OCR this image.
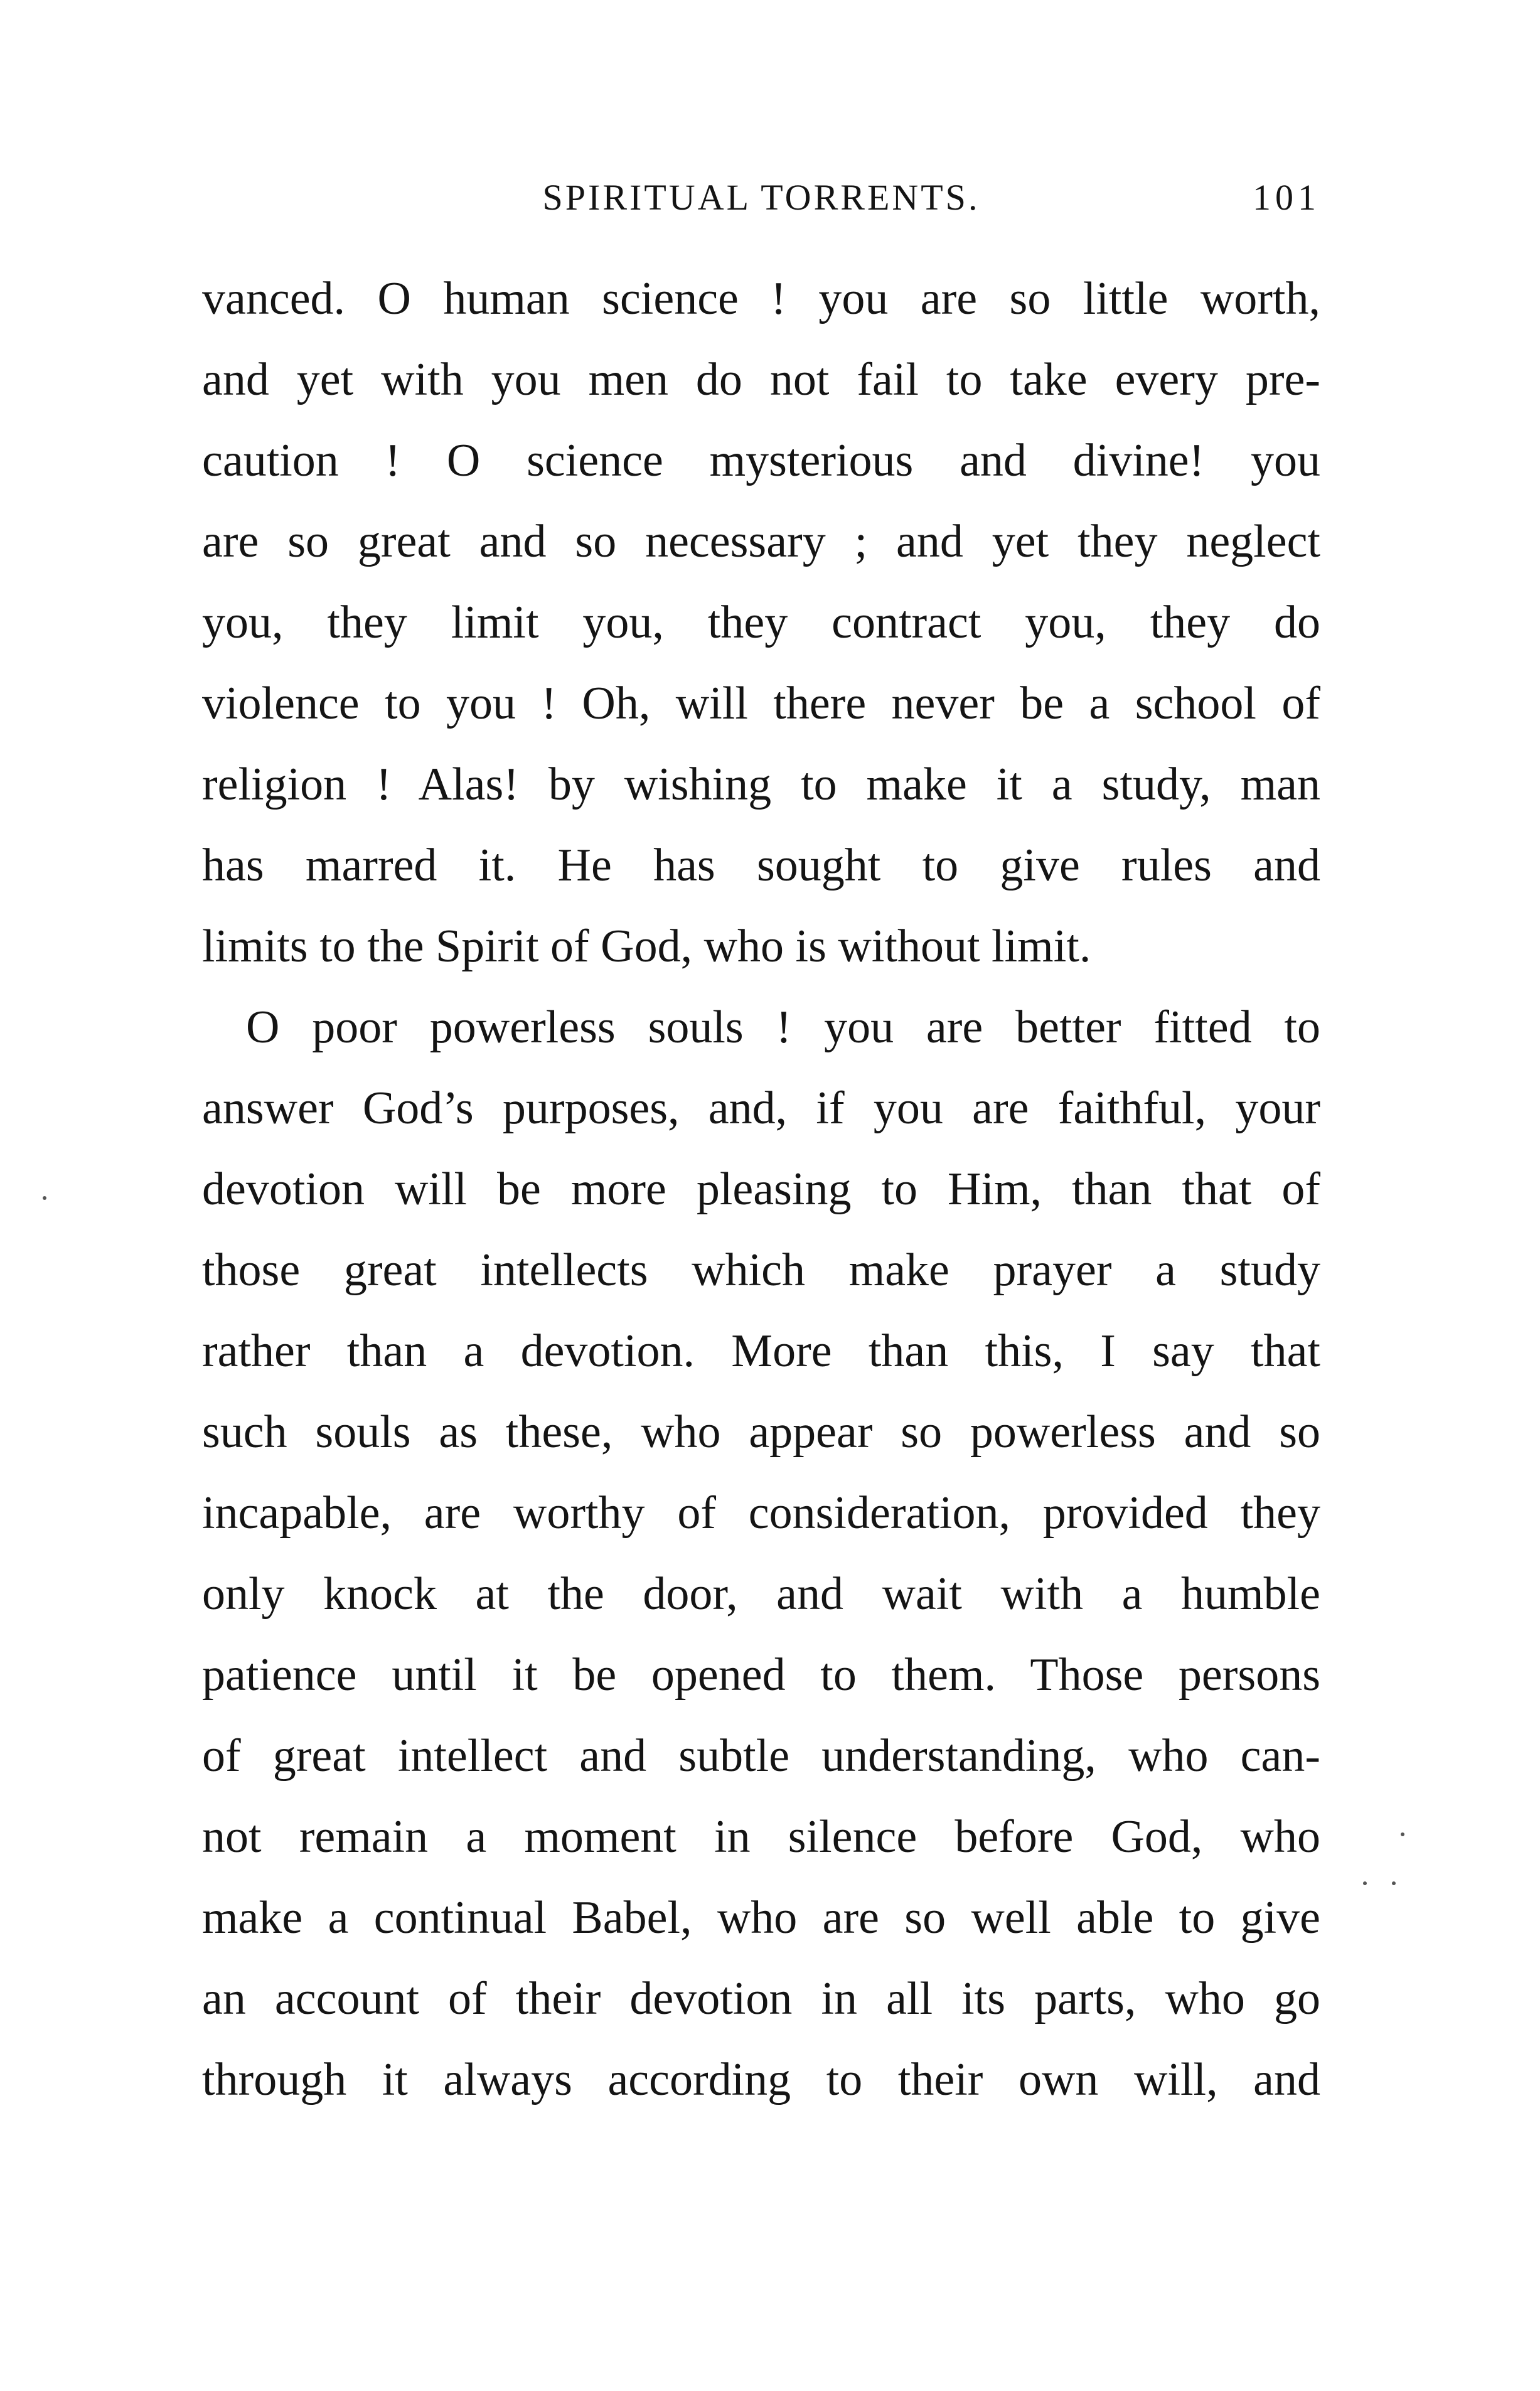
SPIRITUAL TORRENTS.	101
vanced. O human science ! you are so little worth,
and yet with you men do not fail to take every pre-
caution ! O science mysterious and divine! you
are so great and so necessary ; and yet they neglect
you, they limit you, they contract you, they do
violence to you ! Oh, will there never be a school of
religion ! Alas! by wishing to make it a study, man
has marred it. He has sought to give rules and
limits to the Spirit of God, who is without limit.
O poor powerless souls ! you are better fitted to
answer God’s purposes, and, if you are faithful, your
devotion will be more pleasing to Him, than that of
those great intellects which make prayer a study
rather than a devotion. More than this, I say that
such souls as these, who appear so powerless and so
incapable, are worthy of consideration, provided they
only knock at the door, and wait with a humble
patience until it be opened to them. Those persons
of great intellect and subtle understanding, who can-
not remain a moment in silence before God, who
make a continual Babel, who are so well able to give
an account of their devotion in all its parts, who go
through it always according to their own will, and
